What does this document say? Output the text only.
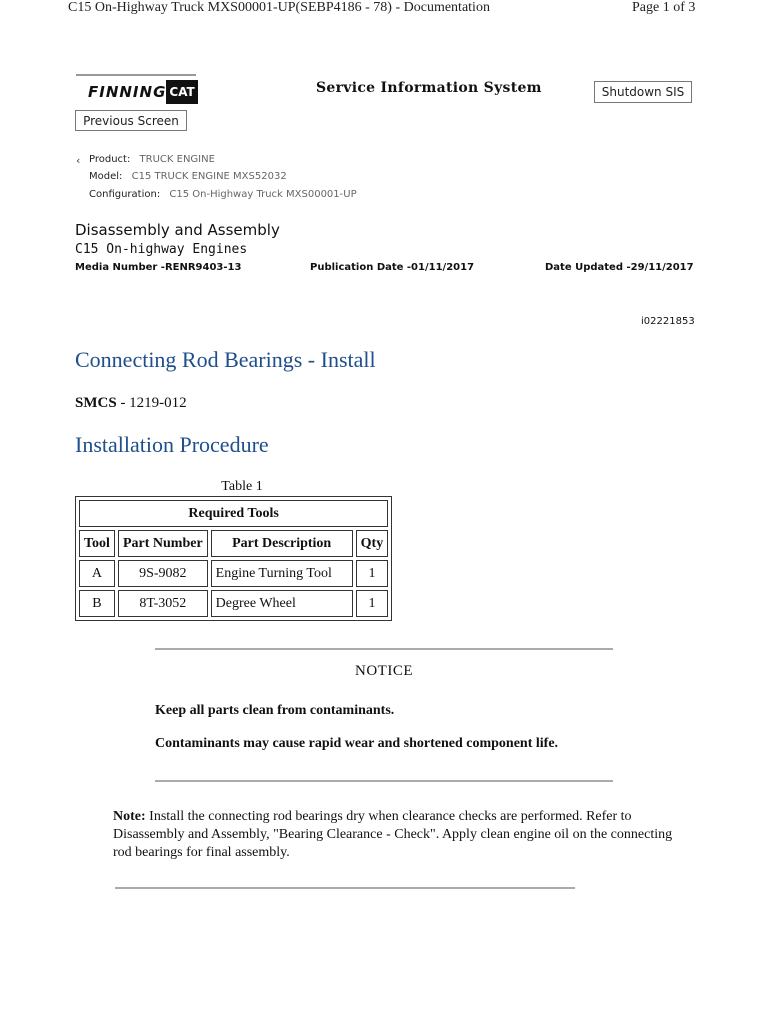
C15 On-Highway Truck MXS00001-UP(SEBP4186 - 78) - Documentation	Page 1 of 3
FINNING CAT	Service Information System	Shutdown SIS
Previous Screen
‹ Product: TRUCK ENGINE
Model: C15 TRUCK ENGINE MXS52032
Configuration: C15 On-Highway Truck MXS00001-UP
Disassembly and Assembly
C15 On-highway Engines
Media Number -RENR9403-13	Publication Date -01/11/2017	Date Updated -29/11/2017
i02221853
Connecting Rod Bearings - Install
SMCS - 1219-012
Installation Procedure
Table 1
Required Tools			
Tool	Part Number	Part Description	Qty
A	9S-9082	Engine Turning Tool	1
B	8T-3052	Degree Wheel	1
NOTICE
Keep all parts clean from contaminants.
Contaminants may cause rapid wear and shortened component life.
Note: Install the connecting rod bearings dry when clearance checks are performed. Refer to Disassembly and Assembly, "Bearing Clearance - Check". Apply clean engine oil on the connecting rod bearings for final assembly.
